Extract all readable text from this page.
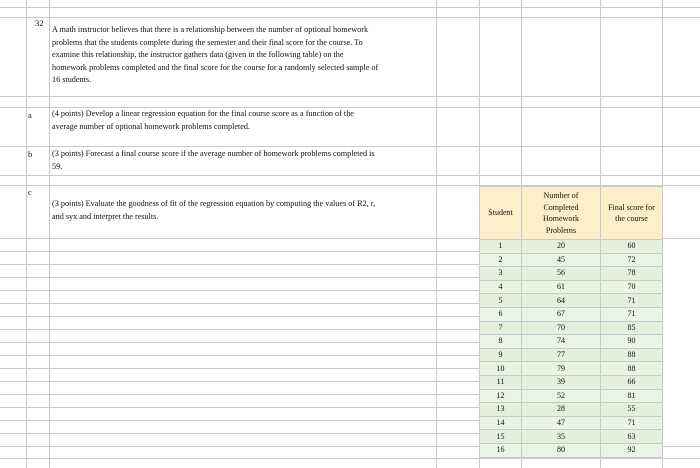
32
A math instructor believes that there is a relationship between the number of optional homework
problems that the students complete during the semester and their final score for the course. To
examine this relationship, the instructor gathers data (given in the following table) on the
homework problems completed and the final score for the course for a randomly selected sample of
16 students.
a (4 points) Develop a linear regression equation for the final course score as a function of the
average number of optional homework problems completed.
b (3 points) Forecast a final course score if the average number of homework problems completed is
59.
c
(3 points) Evaluate the goodness of fit of the regression equation by computing the values of R2, r,
and syx and interpret the results.	Student	Number of
Completed
Homework
Problems	Final score for
the course

1	20	60
2	45	72
3	56	78
4	61	70
5	64	71
6	67	71
7	70	85
8	74	90
9	77	88
10	79	88
11	39	66
12	52	81
13	28	55
14	47	71
15	35	63
16	80	92
